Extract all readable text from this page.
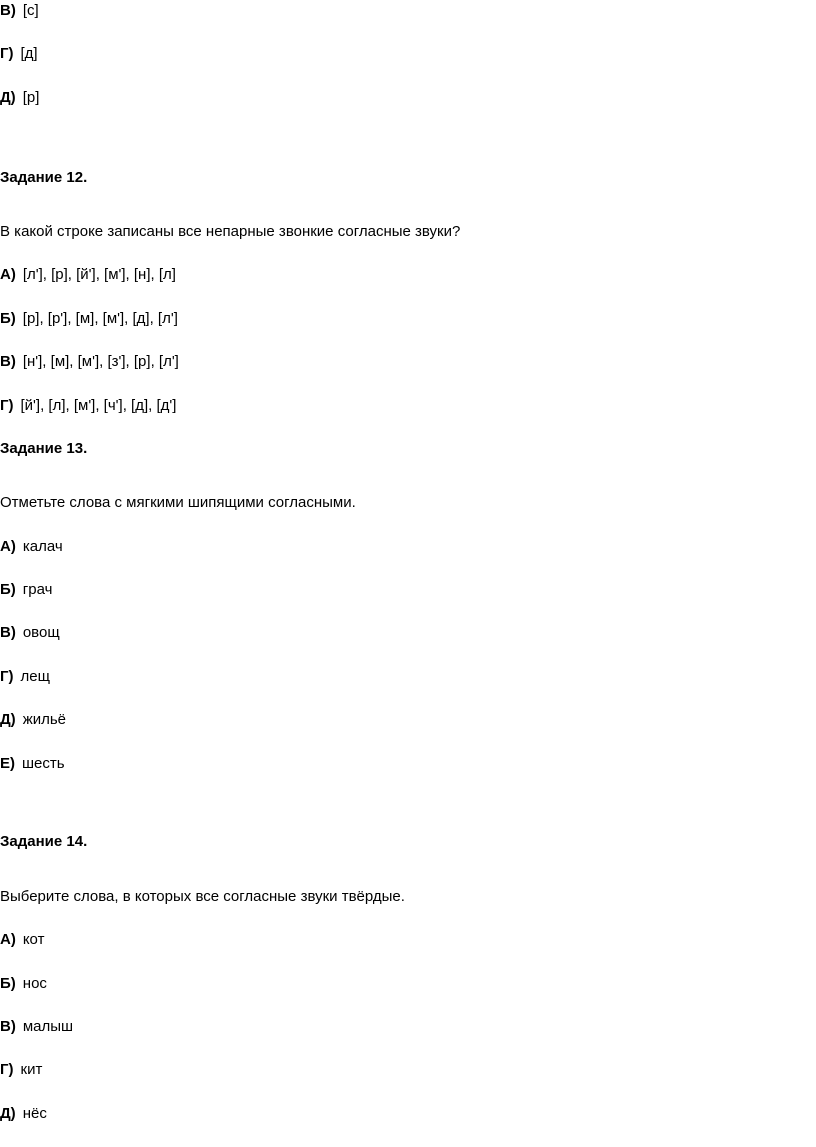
В) [с]
Г) [д]
Д) [р]
Задание 12.
В какой строке записаны все непарные звонкие согласные звуки?
А) [л'], [р], [й'], [м'], [н], [л]
Б) [р], [р'], [м], [м'], [д], [л']
В) [н'], [м], [м'], [з'], [р], [л']
Г) [й'], [л], [м'], [ч'], [д], [д']
Задание 13.
Отметьте слова с мягкими шипящими согласными.
А) калач
Б) грач
В) овощ
Г) лещ
Д) жильё
Е) шесть
Задание 14.
Выберите слова, в которых все согласные звуки твёрдые.
А) кот
Б) нос
В) малыш
Г) кит
Д) нёс
